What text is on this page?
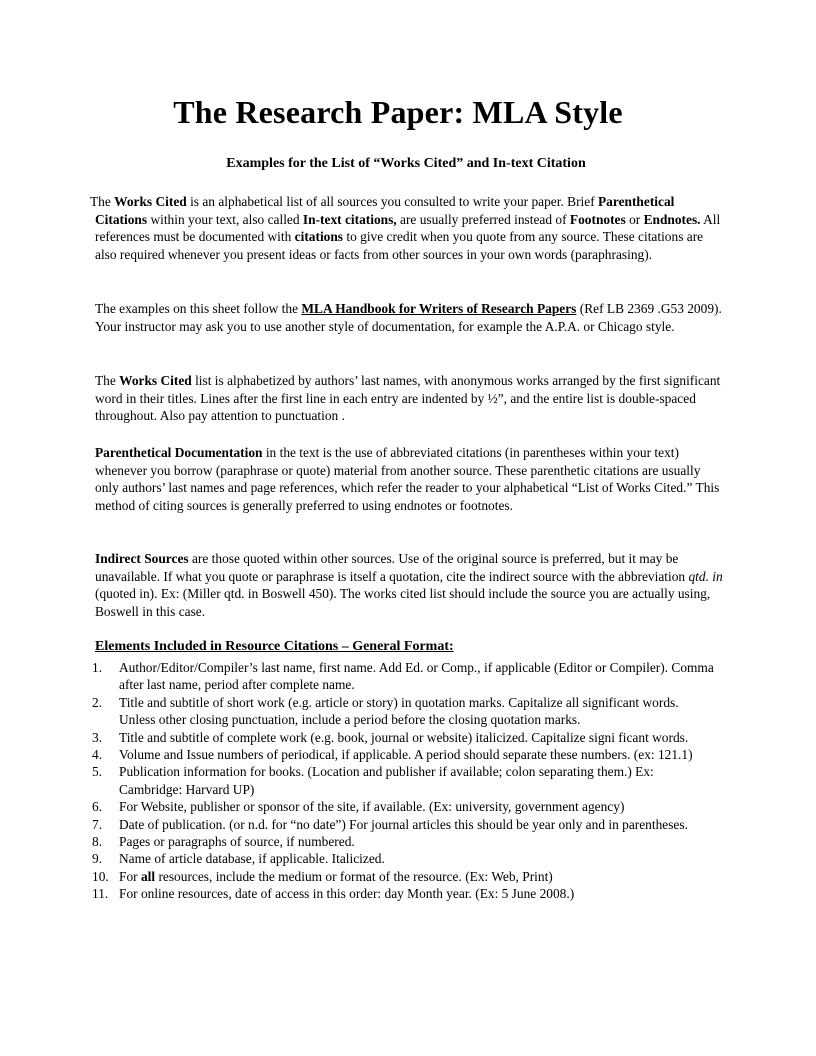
The Research Paper: MLA Style
Examples for the List of “Works Cited” and In-text Citation

The Works Cited is an alphabetical list of all sources you consulted to write your paper. Brief Parenthetical Citations within your text, also called In-text citations, are usually preferred instead of Footnotes or Endnotes. All references must be documented with citations to give credit when you quote from any source. These citations are also required whenever you present ideas or facts from other sources in your own words (paraphrasing).

The examples on this sheet follow the MLA Handbook for Writers of Research Papers (Ref LB 2369 .G53 2009). Your instructor may ask you to use another style of documentation, for example the A.P.A. or Chicago style.

The Works Cited list is alphabetized by authors’ last names, with anonymous works arranged by the first significant word in their titles. Lines after the first line in each entry are indented by ½”, and the entire list is double-spaced throughout. Also pay attention to punctuation .

Parenthetical Documentation in the text is the use of abbreviated citations (in parentheses within your text) whenever you borrow (paraphrase or quote) material from another source. These parenthetic citations are usually only authors’ last names and page references, which refer the reader to your alphabetical “List of Works Cited.” This method of citing sources is generally preferred to using endnotes or footnotes.

Indirect Sources are those quoted within other sources. Use of the original source is preferred, but it may be unavailable. If what you quote or paraphrase is itself a quotation, cite the indirect source with the abbreviation qtd. in (quoted in). Ex: (Miller qtd. in Boswell 450). The works cited list should include the source you are actually using, Boswell in this case.

Elements Included in Resource Citations – General Format:
1. Author/Editor/Compiler’s last name, first name. Add Ed. or Comp., if applicable (Editor or Compiler). Comma after last name, period after complete name.
2. Title and subtitle of short work (e.g. article or story) in quotation marks. Capitalize all significant words. Unless other closing punctuation, include a period before the closing quotation marks.
3. Title and subtitle of complete work (e.g. book, journal or website) italicized. Capitalize signi ficant words.
4. Volume and Issue numbers of periodical, if applicable. A period should separate these numbers. (ex: 121.1)
5. Publication information for books. (Location and publisher if available; colon separating them.) Ex: Cambridge: Harvard UP)
6. For Website, publisher or sponsor of the site, if available. (Ex: university, government agency)
7. Date of publication. (or n.d. for “no date”) For journal articles this should be year only and in parentheses.
8. Pages or paragraphs of source, if numbered.
9. Name of article database, if applicable. Italicized.
10. For all resources, include the medium or format of the resource. (Ex: Web, Print)
11. For online resources, date of access in this order: day Month year. (Ex: 5 June 2008.)
